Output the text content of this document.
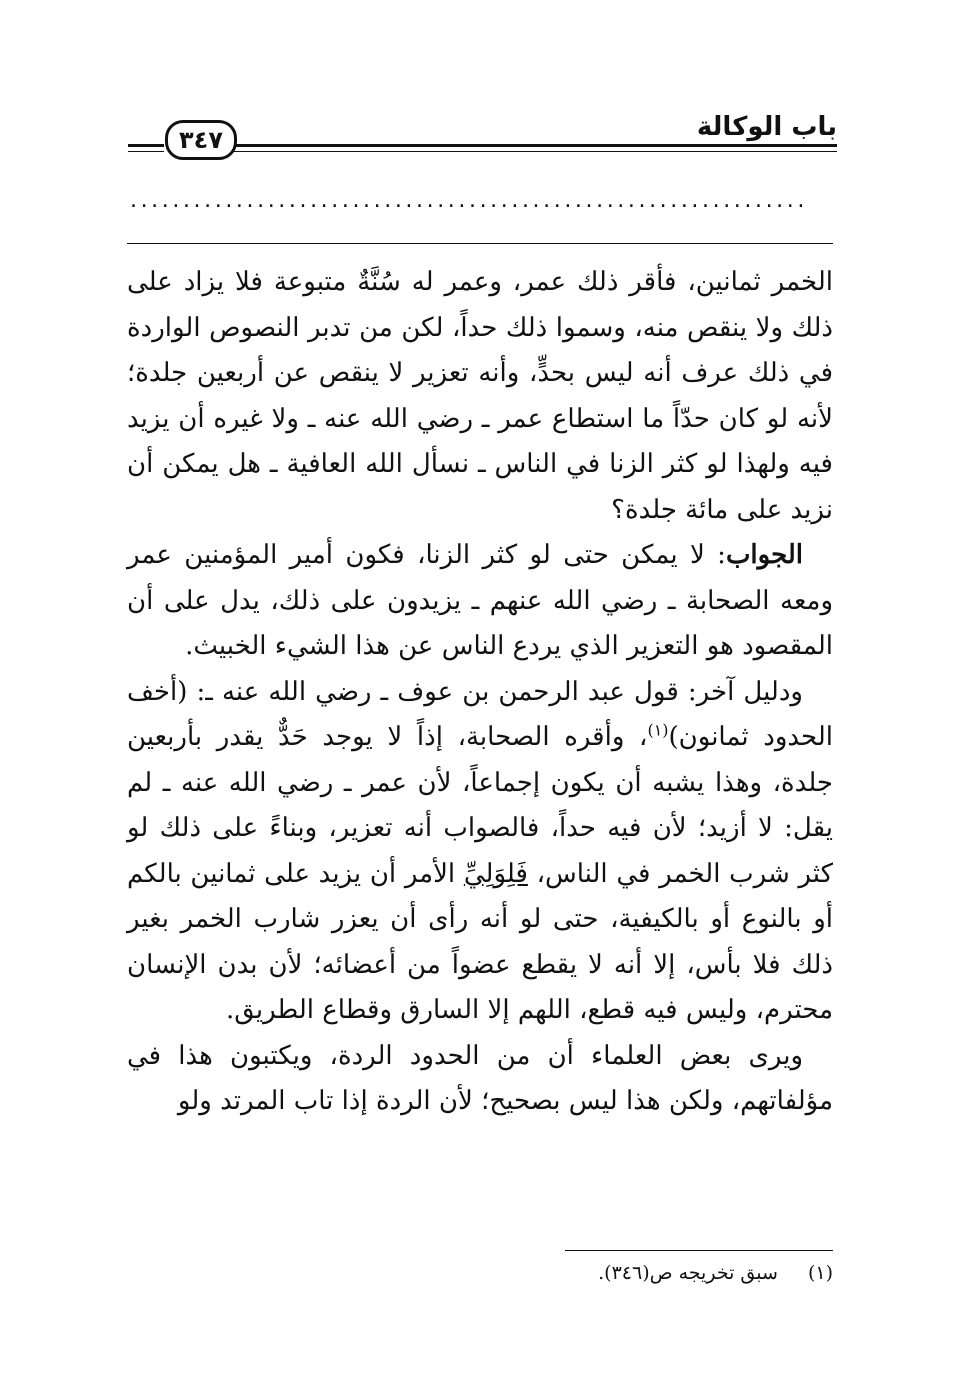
باب الوكالة
٣٤٧
................................................................

الخمر ثمانين، فأقر ذلك عمر، وعمر له سُنَّةٌ متبوعة فلا يزاد على ذلك ولا ينقص منه، وسموا ذلك حداً، لكن من تدبر النصوص الواردة في ذلك عرف أنه ليس بحدٍّ، وأنه تعزير لا ينقص عن أربعين جلدة؛ لأنه لو كان حدّاً ما استطاع عمر ـ رضي الله عنه ـ ولا غيره أن يزيد فيه ولهذا لو كثر الزنا في الناس ـ نسأل الله العافية ـ هل يمكن أن نزيد على مائة جلدة؟

الجواب: لا يمكن حتى لو كثر الزنا، فكون أمير المؤمنين عمر ومعه الصحابة ـ رضي الله عنهم ـ يزيدون على ذلك، يدل على أن المقصود هو التعزير الذي يردع الناس عن هذا الشيء الخبيث.

ودليل آخر: قول عبد الرحمن بن عوف ـ رضي الله عنه ـ: (أخف الحدود ثمانون)$^{(١)}$، وأقره الصحابة، إذاً لا يوجد حَدٌّ يقدر بأربعين جلدة، وهذا يشبه أن يكون إجماعاً، لأن عمر ـ رضي الله عنه ـ لم يقل: لا أزيد؛ لأن فيه حداً، فالصواب أنه تعزير، وبناءً على ذلك لو كثر شرب الخمر في الناس، فَلِوَلِيِّ الأمر أن يزيد على ثمانين بالكم أو بالنوع أو بالكيفية، حتى لو أنه رأى أن يعزر شارب الخمر بغير ذلك فلا بأس، إلا أنه لا يقطع عضواً من أعضائه؛ لأن بدن الإنسان محترم، وليس فيه قطع، اللهم إلا السارق وقطاع الطريق.

ويرى بعض العلماء أن من الحدود الردة، ويكتبون هذا في مؤلفاتهم، ولكن هذا ليس بصحيح؛ لأن الردة إذا تاب المرتد ولو

(١)سبق تخريجه ص(٣٤٦).
